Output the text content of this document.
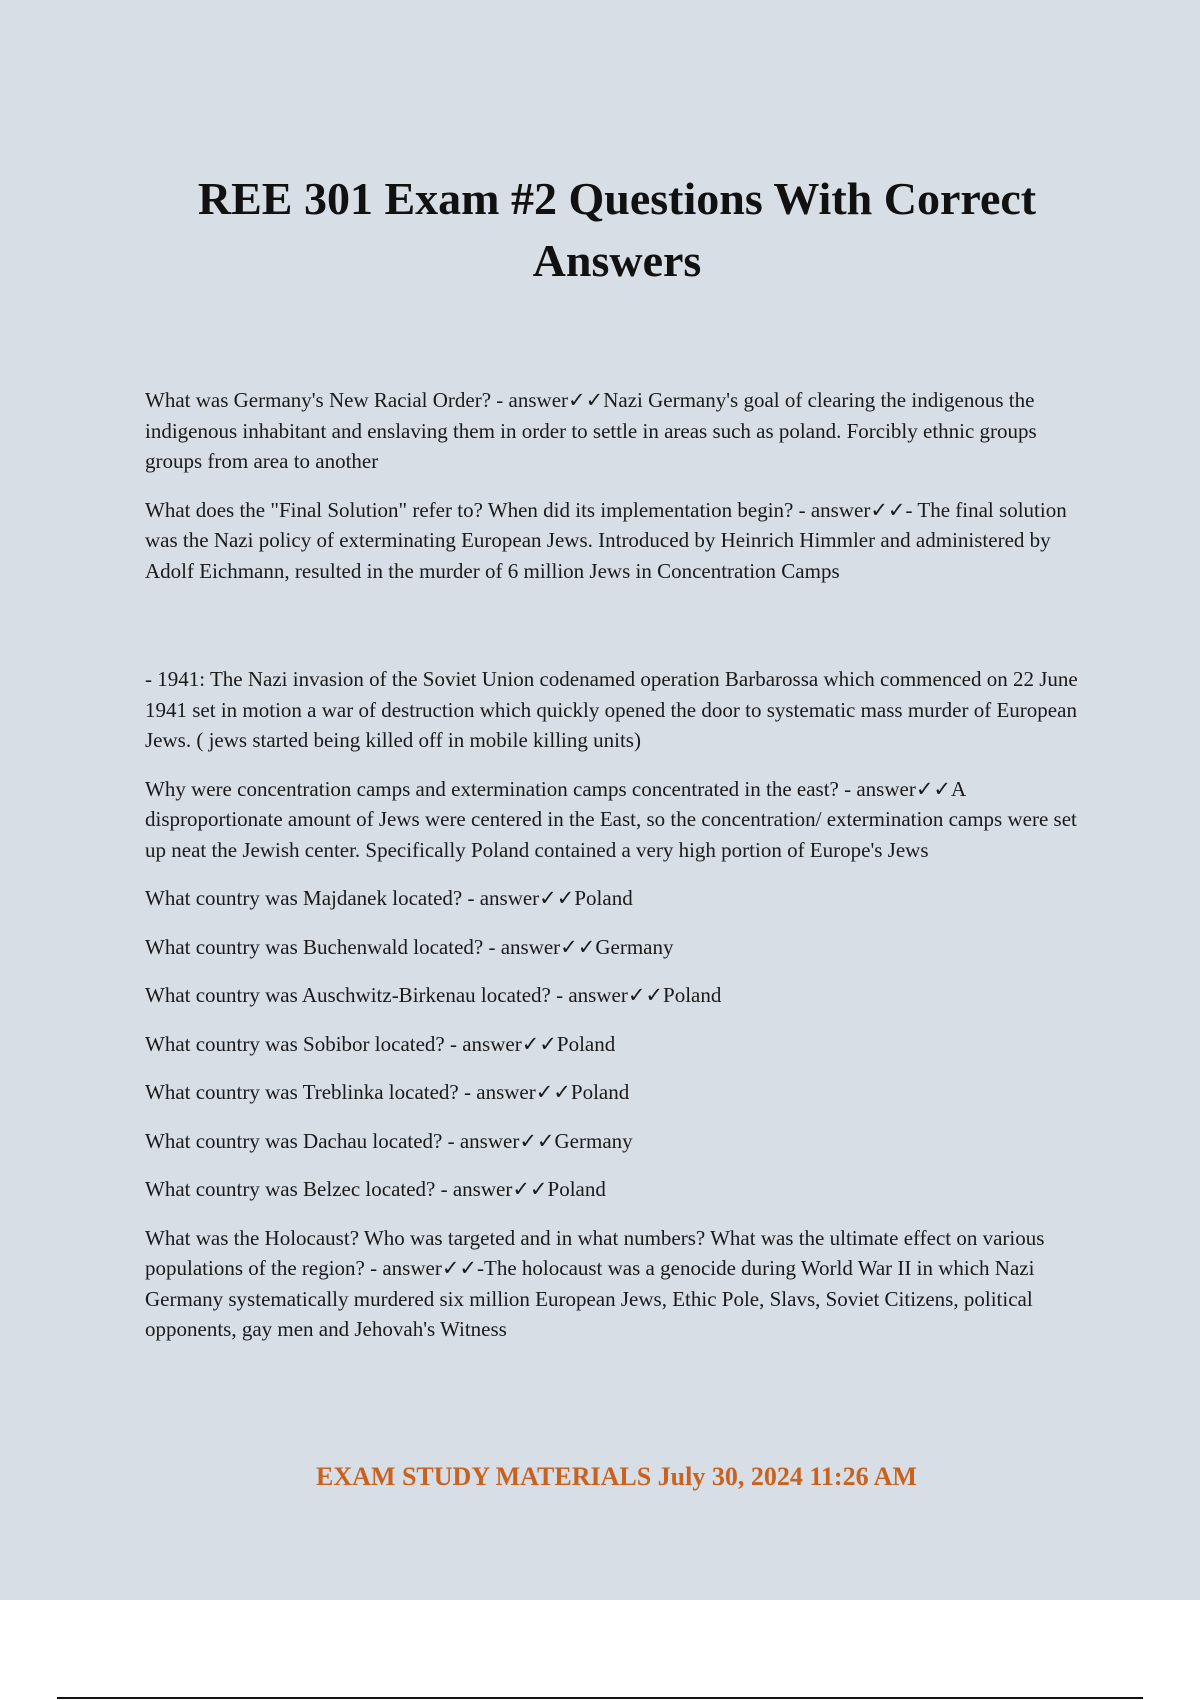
REE 301 Exam #2 Questions With Correct Answers

What was Germany's New Racial Order? - answer✓✓Nazi Germany's goal of clearing the indigenous the indigenous inhabitant and enslaving them in order to settle in areas such as poland. Forcibly ethnic groups groups from area to another

What does the "Final Solution" refer to? When did its implementation begin? - answer✓✓- The final solution was the Nazi policy of exterminating European Jews. Introduced by Heinrich Himmler and administered by Adolf Eichmann, resulted in the murder of 6 million Jews in Concentration Camps

- 1941: The Nazi invasion of the Soviet Union codenamed operation Barbarossa which commenced on 22 June 1941 set in motion a war of destruction which quickly opened the door to systematic mass murder of European Jews. ( jews started being killed off in mobile killing units)

Why were concentration camps and extermination camps concentrated in the east? - answer✓✓A disproportionate amount of Jews were centered in the East, so the concentration/ extermination camps were set up neat the Jewish center. Specifically Poland contained a very high portion of Europe's Jews

What country was Majdanek located? - answer✓✓Poland

What country was Buchenwald located? - answer✓✓Germany

What country was Auschwitz-Birkenau located? - answer✓✓Poland

What country was Sobibor located? - answer✓✓Poland

What country was Treblinka located? - answer✓✓Poland

What country was Dachau located? - answer✓✓Germany

What country was Belzec located? - answer✓✓Poland

What was the Holocaust? Who was targeted and in what numbers? What was the ultimate effect on various populations of the region? - answer✓✓-The holocaust was a genocide during World War II in which Nazi Germany systematically murdered six million European Jews, Ethic Pole, Slavs, Soviet Citizens, political opponents, gay men and Jehovah's Witness

EXAM STUDY MATERIALS July 30, 2024 11:26 AM
